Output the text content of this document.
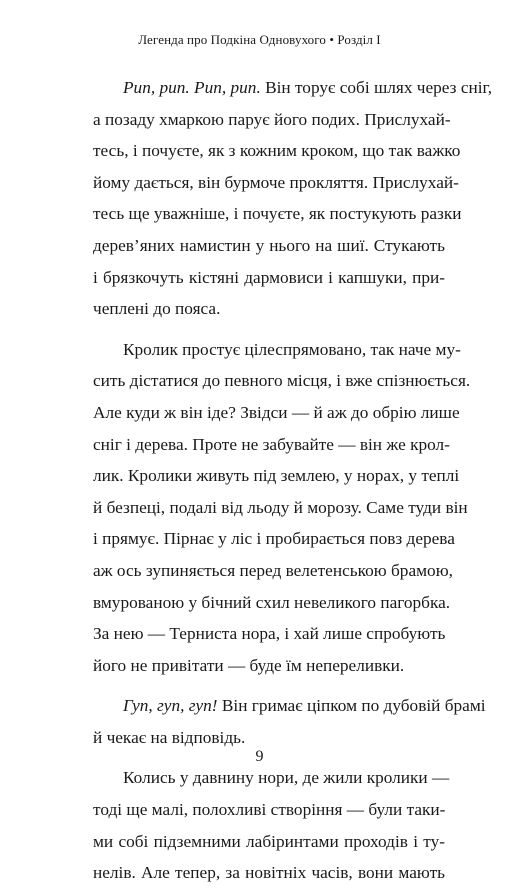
Легенда про Подкіна Одновухого • Розділ І
Рип, рип. Рип, рип. Він торує собі шлях через сніг,
а позаду хмаркою парує його подих. Прислухай-
тесь, і почуєте, як з кожним кроком, що так важко
йому дається, він бурмоче прокляття. Прислухай-
тесь ще уважніше, і почуєте, як постукують разки
дерев’яних намистин у нього на шиї. Стукають
і брязкочуть кістяні дармовиси і капшуки, при-
чеплені до пояса.
Кролик простує цілеспрямовано, так наче му-
сить дістатися до певного місця, і вже спізнюється.
Але куди ж він іде? Звідси — й аж до обрію лише
сніг і дерева. Проте не забувайте — він же крол-
лик. Кролики живуть під землею, у норах, у теплі
й безпеці, подалі від льоду й морозу. Саме туди він
і прямує. Пірнає у ліс і пробирається повз дерева
аж ось зупиняється перед велетенською брамою,
вмурованою у бічний схил невеликого пагорбка.
За нею — Терниста нора, і хай лише спробують
його не привітати — буде їм непереливки.
Гуп, гуп, гуп! Він гримає ціпком по дубовій брамі
й чекає на відповідь.
Колись у давнину нори, де жили кролики —
тоді ще малі, полохливі створіння — були таки-
ми собі підземними лабіринтами проходів і ту-
нелів. Але тепер, за новітніх часів, вони мають
9
